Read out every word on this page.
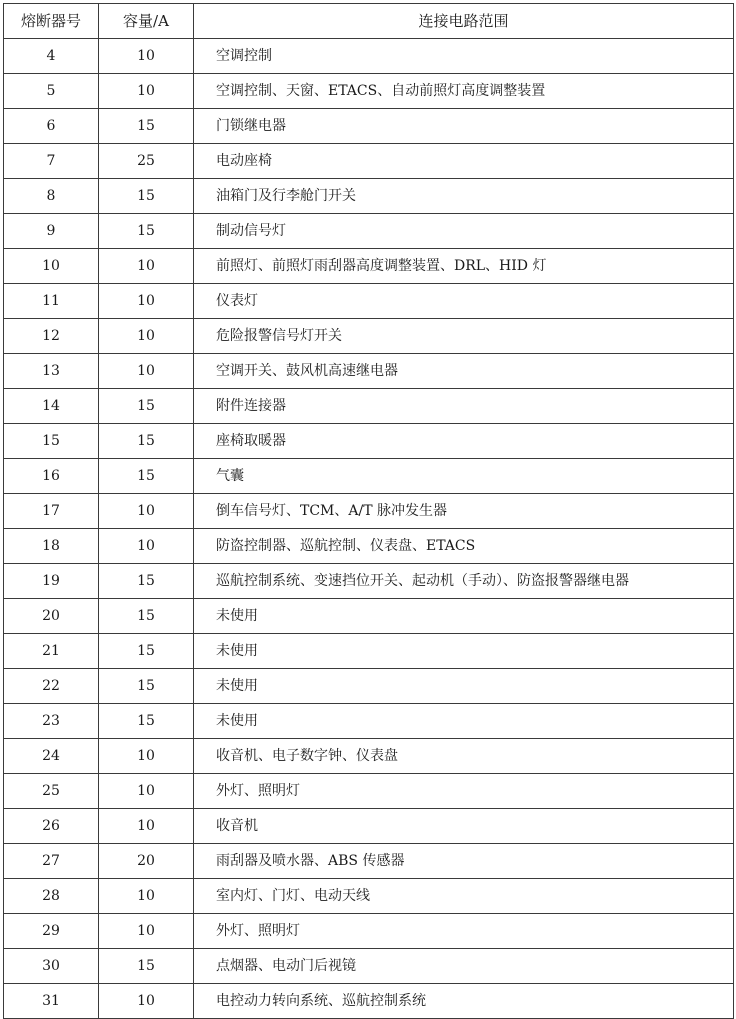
熔断器号	容量/A	连接电路范围
4	10	空调控制
5	10	空调控制、天窗、ETACS、自动前照灯高度调整装置
6	15	门锁继电器
7	25	电动座椅
8	15	油箱门及行李舱门开关
9	15	制动信号灯
10	10	前照灯、前照灯雨刮器高度调整装置、DRL、HID 灯
11	10	仪表灯
12	10	危险报警信号灯开关
13	10	空调开关、鼓风机高速继电器
14	15	附件连接器
15	15	座椅取暖器
16	15	气囊
17	10	倒车信号灯、TCM、A/T 脉冲发生器
18	10	防盗控制器、巡航控制、仪表盘、ETACS
19	15	巡航控制系统、变速挡位开关、起动机（手动）、防盗报警器继电器
20	15	未使用
21	15	未使用
22	15	未使用
23	15	未使用
24	10	收音机、电子数字钟、仪表盘
25	10	外灯、照明灯
26	10	收音机
27	20	雨刮器及喷水器、ABS 传感器
28	10	室内灯、门灯、电动天线
29	10	外灯、照明灯
30	15	点烟器、电动门后视镜
31	10	电控动力转向系统、巡航控制系统
